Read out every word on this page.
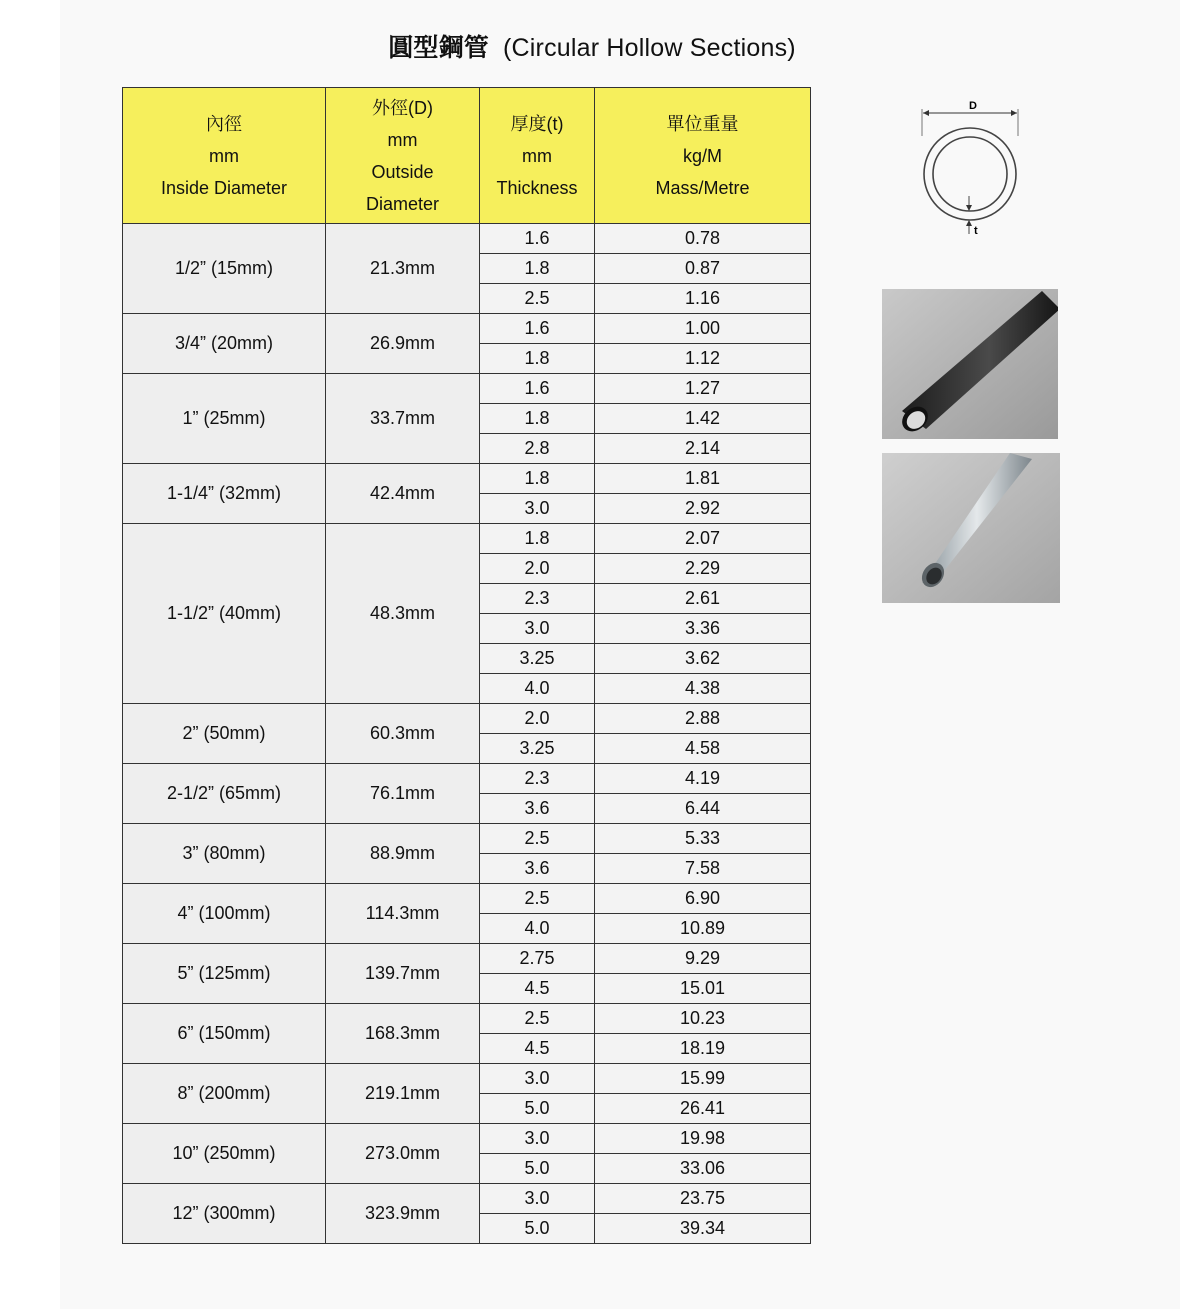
圓型鋼管 (Circular Hollow Sections)
內徑
mm
Inside Diameter	外徑(D)
mm
Outside
Diameter	厚度(t)
mm
Thickness	單位重量
kg/M
Mass/Metre

1/2” (15mm)	21.3mm	1.6	0.78
		1.8	0.87
		2.5	1.16
3/4” (20mm)	26.9mm	1.6	1.00
		1.8	1.12
1” (25mm)	33.7mm	1.6	1.27
		1.8	1.42
		2.8	2.14
1-1/4” (32mm)	42.4mm	1.8	1.81
		3.0	2.92
1-1/2” (40mm)	48.3mm	1.8	2.07
		2.0	2.29
		2.3	2.61
		3.0	3.36
		3.25	3.62
		4.0	4.38
2” (50mm)	60.3mm	2.0	2.88
		3.25	4.58
2-1/2” (65mm)	76.1mm	2.3	4.19
		3.6	6.44
3” (80mm)	88.9mm	2.5	5.33
		3.6	7.58
4” (100mm)	114.3mm	2.5	6.90
		4.0	10.89
5” (125mm)	139.7mm	2.75	9.29
		4.5	15.01
6” (150mm)	168.3mm	2.5	10.23
		4.5	18.19
8” (200mm)	219.1mm	3.0	15.99
		5.0	26.41
10” (250mm)	273.0mm	3.0	19.98
		5.0	33.06
12” (300mm)	323.9mm	3.0	23.75
		5.0	39.34
D
t
